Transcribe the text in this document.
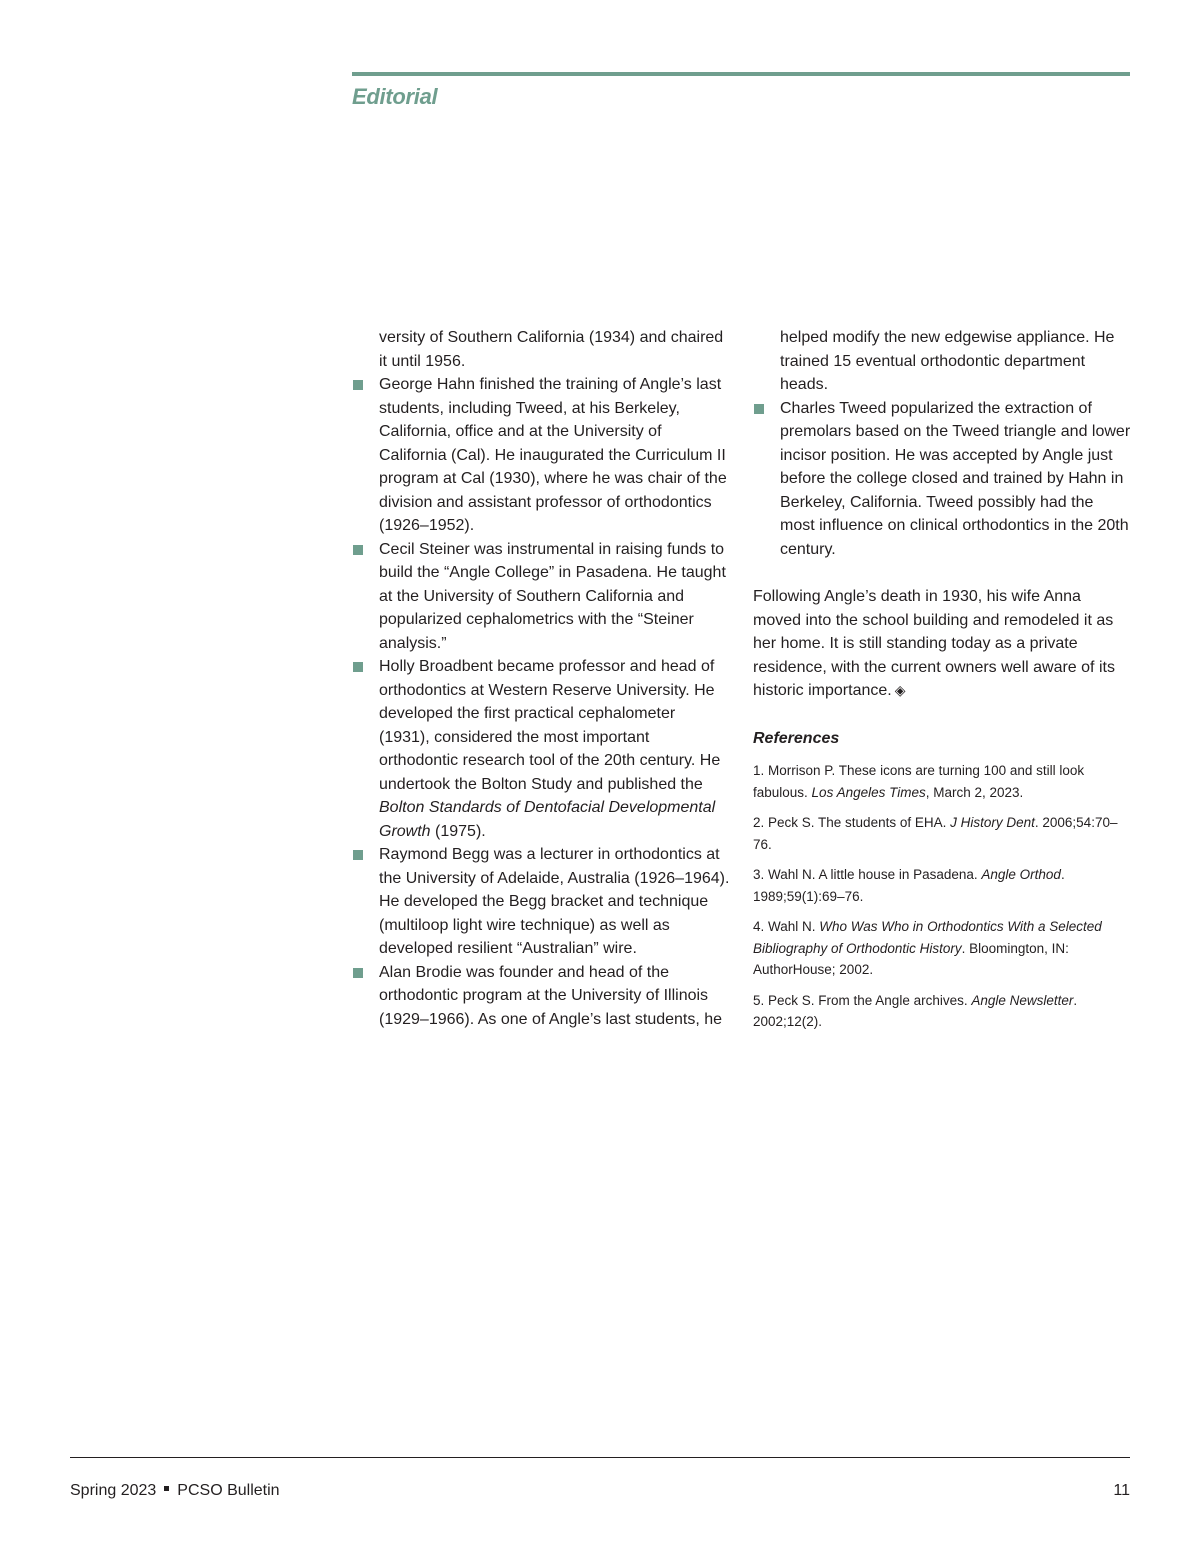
Editorial

versity of Southern California (1934) and chaired it until 1956.

George Hahn finished the training of Angle’s last students, including Tweed, at his Berkeley, California, office and at the University of California (Cal). He inaugurated the Curriculum II program at Cal (1930), where he was chair of the division and assistant professor of orthodontics (1926–1952).
Cecil Steiner was instrumental in raising funds to build the “Angle College” in Pasadena. He taught at the University of Southern California and popularized cephalometrics with the “Steiner analysis.”
Holly Broadbent became professor and head of orthodontics at Western Reserve University. He developed the first practical cephalometer (1931), considered the most important orthodontic research tool of the 20th century. He undertook the Bolton Study and published the Bolton Standards of Dentofacial Developmental Growth (1975).
Raymond Begg was a lecturer in orthodontics at the University of Adelaide, Australia (1926–1964). He developed the Begg bracket and technique (multiloop light wire technique) as well as developed resilient “Australian” wire.
Alan Brodie was founder and head of the orthodontic program at the University of Illinois (1929–1966). As one of Angle’s last students, he

helped modify the new edgewise appliance. He trained 15 eventual orthodontic department heads.

Charles Tweed popularized the extraction of premolars based on the Tweed triangle and lower incisor position. He was accepted by Angle just before the college closed and trained by Hahn in Berkeley, California. Tweed possibly had the most influence on clinical orthodontics in the 20th century.

Following Angle’s death in 1930, his wife Anna moved into the school building and remodeled it as her home. It is still standing today as a private residence, with the current owners well aware of its historic importance. ◈

References
1. Morrison P. These icons are turning 100 and still look fabulous. Los Angeles Times, March 2, 2023.
2. Peck S. The students of EHA. J History Dent. 2006;54:70–76.
3. Wahl N. A little house in Pasadena. Angle Orthod. 1989;59(1):69–76.
4. Wahl N. Who Was Who in Orthodontics With a Selected Bibliography of Orthodontic History. Bloomington, IN: AuthorHouse; 2002.
5. Peck S. From the Angle archives. Angle Newsletter. 2002;12(2).
Spring 2023 PCSO Bulletin	11
